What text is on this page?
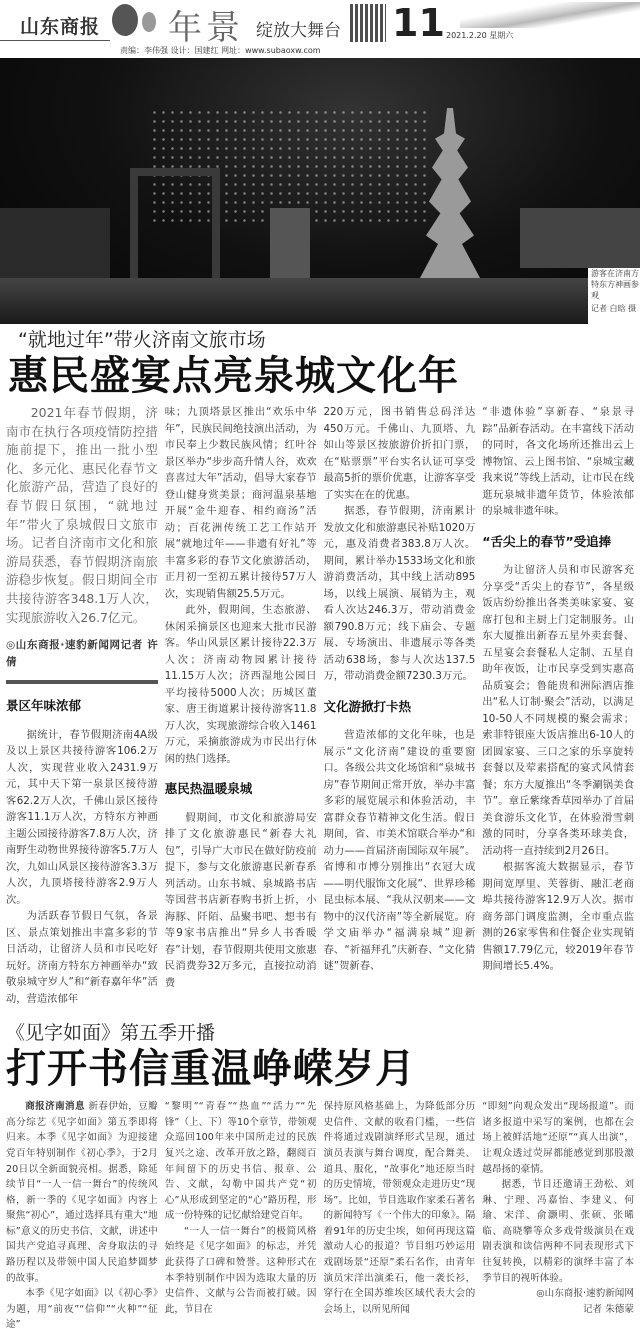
山东商报 年景 绽放大舞台
责编：李伟强 设计：国建红 网址：www.subaoxw.com
11 2021.2.20 星期六
游客在济南方特东方神画参观
记者 白晗 摄
“就地过年”带火济南文旅市场
惠民盛宴点亮泉城文化年

2021年春节假期，济南市在执行各项疫情防控措施前提下，推出一批小型化、多元化、惠民化春节文化旅游产品，营造了良好的春节假日氛围，“就地过年”带火了泉城假日文旅市场。记者自济南市文化和旅游局获悉，春节假期济南旅游稳步恢复。假日期间全市共接待游客348.1万人次，实现旅游收入26.7亿元。

◎山东商报·速豹新闻网记者 许倩

景区年味浓郁

据统计，春节假期济南4A级及以上景区共接待游客106.2万人次，实现营业收入2431.9万元，其中天下第一泉景区接待游客62.2万人次，千佛山景区接待游客11.1万人次，方特东方神画主题公园接待游客7.8万人次，济南野生动物世界接待游客5.7万人次，九如山风景区接待游客3.3万人次，九顶塔接待游客2.9万人次。

为活跃春节假日气氛，各景区、景点策划推出丰富多彩的节日活动，让留济人员和市民吃好玩好。济南方特东方神画举办“致敬泉城守岁人”和“新春嘉年华”活动，营造浓郁年

味；九顶塔景区推出“欢乐中华年”，民族民间绝技演出活动，为市民奉上少数民族风情；红叶谷景区举办“步步高升情人谷，欢欢喜喜过大年”活动，倡导大家春节登山健身赏美景；商河温泉基地开展“金牛迎春、相约商汤”活动；百花洲传统工艺工作站开展“就地过年——非遗有好礼”等丰富多彩的春节文化旅游活动，正月初一至初五累计接待57万人次，实现销售额25.5万元。

此外，假期间，生态旅游、休闲采摘景区也迎来大批市民游客。华山风景区累计接待22.3万人次；济南动物园累计接待11.15万人次；济西湿地公园日平均接待5000人次；历城区董家、唐王街道累计接待游客11.8万人次，实现旅游综合收入1461万元，采摘旅游成为市民出行休闲的热门选择。

惠民热温暖泉城

假期间，市文化和旅游局安排了文化旅游惠民“新春大礼包”，引导广大市民在做好防疫前提下，参与文化旅游惠民新春系列活动。山东书城、泉城路书店等国营书店新春购书折上折，小海豚、阡陌、品聚书吧、想书有等9家书店推出“异乡人书香暖春”计划，春节假期共使用文旅惠民消费券32万多元，直接拉动消费

220万元，图书销售总码洋达450万元。千佛山、九顶塔、九如山等景区按旅游价折扣门票，在“贴票票”平台实名认证可享受最高5折的票价优惠，让游客享受了实实在在的优惠。

据悉，春节假期，济南累计发放文化和旅游惠民补贴1020万元，惠及消费者383.8万人次。期间，累计举办1533场文化和旅游消费活动，其中线上活动895场，以线上展演、展销为主，观看人次达246.3万，带动消费金额790.8万元；线下庙会、专题展、专场演出、非遗展示等各类活动638场，参与人次达137.5万，带动消费金额7230.3万元。

文化游掀打卡热

营造浓郁的文化年味，也是展示“文化济南”建设的重要窗口。各级公共文化场馆和“泉城书房”春节期间正常开放，举办丰富多彩的展览展示和体验活动，丰富群众春节精神文化生活。假日期间，省、市美术馆联合举办“和动力——首届济南国际双年展”。省博和市博分别推出“衣冠大成——明代服饰文化展”、世界珍稀昆虫标本展、“我从汉朝来——文物中的汉代济南”等全新展览。府学文庙举办“福满泉城”迎新春、“祈福拜孔”庆新春、“文化猜谜”贺新春、

“非遗体验”享新春、“泉景寻踪”品新春活动。在丰富线下活动的同时，各文化场所还推出云上博物馆、云上图书馆、“泉城宝藏我来说”等线上活动，让市民在线逛玩泉城非遗年货节，体验浓郁的泉城非遗年味。

“舌尖上的春节”受追捧

为让留济人员和市民游客充分享受“舌尖上的春节”，各星级饭店纷纷推出各类美味家宴、宴席打包和主厨上门定制服务。山东大厦推出新春五星外卖套餐、五星宴会套餐私人定制、五星自助年夜饭，让市民享受到实惠高品质宴会；鲁能贵和洲际酒店推出“私人订制·聚会”活动，以满足10-50人不同规模的聚会需求；索菲特银座大饭店推出6-10人的团圆家宴、三口之家的乐享旋转套餐以及荤素搭配的宴式风情套餐；东方大厦推出“冬季涮锅美食节”。章丘紫缘香草园举办了首届美食游乐文化节，在体验滑雪刺激的同时，分享各类环球美食，活动将一直持续到2月26日。

根据客流大数据显示，春节期间宽厚里、芙蓉街、融汇老商埠共接待游客12.9万人次。据市商务部门调度监测，全市重点监测的26家零售和住餐企业实现销售额17.79亿元，较2019年春节期间增长5.4%。

《见字如面》第五季开播
打开书信重温峥嵘岁月

商报济南消息 新春伊始，豆瓣高分综艺《见字如面》第五季即将归来。本季《见字如面》为迎接建党百年特别制作《初心季》，于2月20日以全新面貌亮相。据悉，除延续节目“一人一信一舞台”的传统风格，新一季的《见字如面》内容上聚焦“初心”，通过选择具有重大“地标”意义的历史书信、文献，讲述中国共产党追寻真理、舍身取法的寻路历程以及带领中国人民追梦圆梦的故事。

本季《见字如面》以《初心季》为题，用“前夜”“信仰”“火种”“征途”

“黎明”“青春”“热血”“活力”“先锋”（上、下）等10个章节，带领观众巡回100年来中国所走过的民族复兴之途、改革开放之路，翻阅百年间留下的历史书信、报章、公告、文献，勾勒中国共产党“初心”从形成到坚定的“心”路历程，形成一份特殊的记忆献给建党百年。

“一人一信一舞台”的极简风格始终是《见字如面》的标志，并凭此获得了口碑和赞誉。这种形式在本季特别制作中因为选取大量的历史信件、文献与公告而被打破。因此，节目在

保持原风格基础上，为降低部分历史信件、文献的收看门槛，一些信件将通过戏剧演绎形式呈现，通过演员表演与舞台调度，配合舞美、道具、服化，“故事化”地还原当时的历史情境，带领观众走进历史“现场”。比如，节目选取作家柔石著名的新闻特写《一个伟大的印象》。隔着91年的历史尘埃，如何再现这篇激动人心的报道？节目组巧妙运用戏剧场景“还原”柔石名作，由青年演员宋洋出演柔石，他一袭长衫，穿行在全国苏维埃区域代表大会的会场上，以所见所闻

“即刻”向观众发出“现场报道”。而诸多报道中采写的案例，也都在会场上被鲜活地“还原”“真人出演”，让观众透过荧屏都能感觉到那股激越昂扬的豪情。

据悉，节目还邀请王劲松、刘琳、宁理、冯嘉怡、李建义、何瑜、宋洋、俞灏明、张硕、张晞临、高晓攀等众多戏骨级演员在戏剧表演和读信两种不同表现形式下往复转换，以精彩的演绎丰富了本季节目的视听体验。

◎山东商报·速豹新闻网

记者 朱德蒙
